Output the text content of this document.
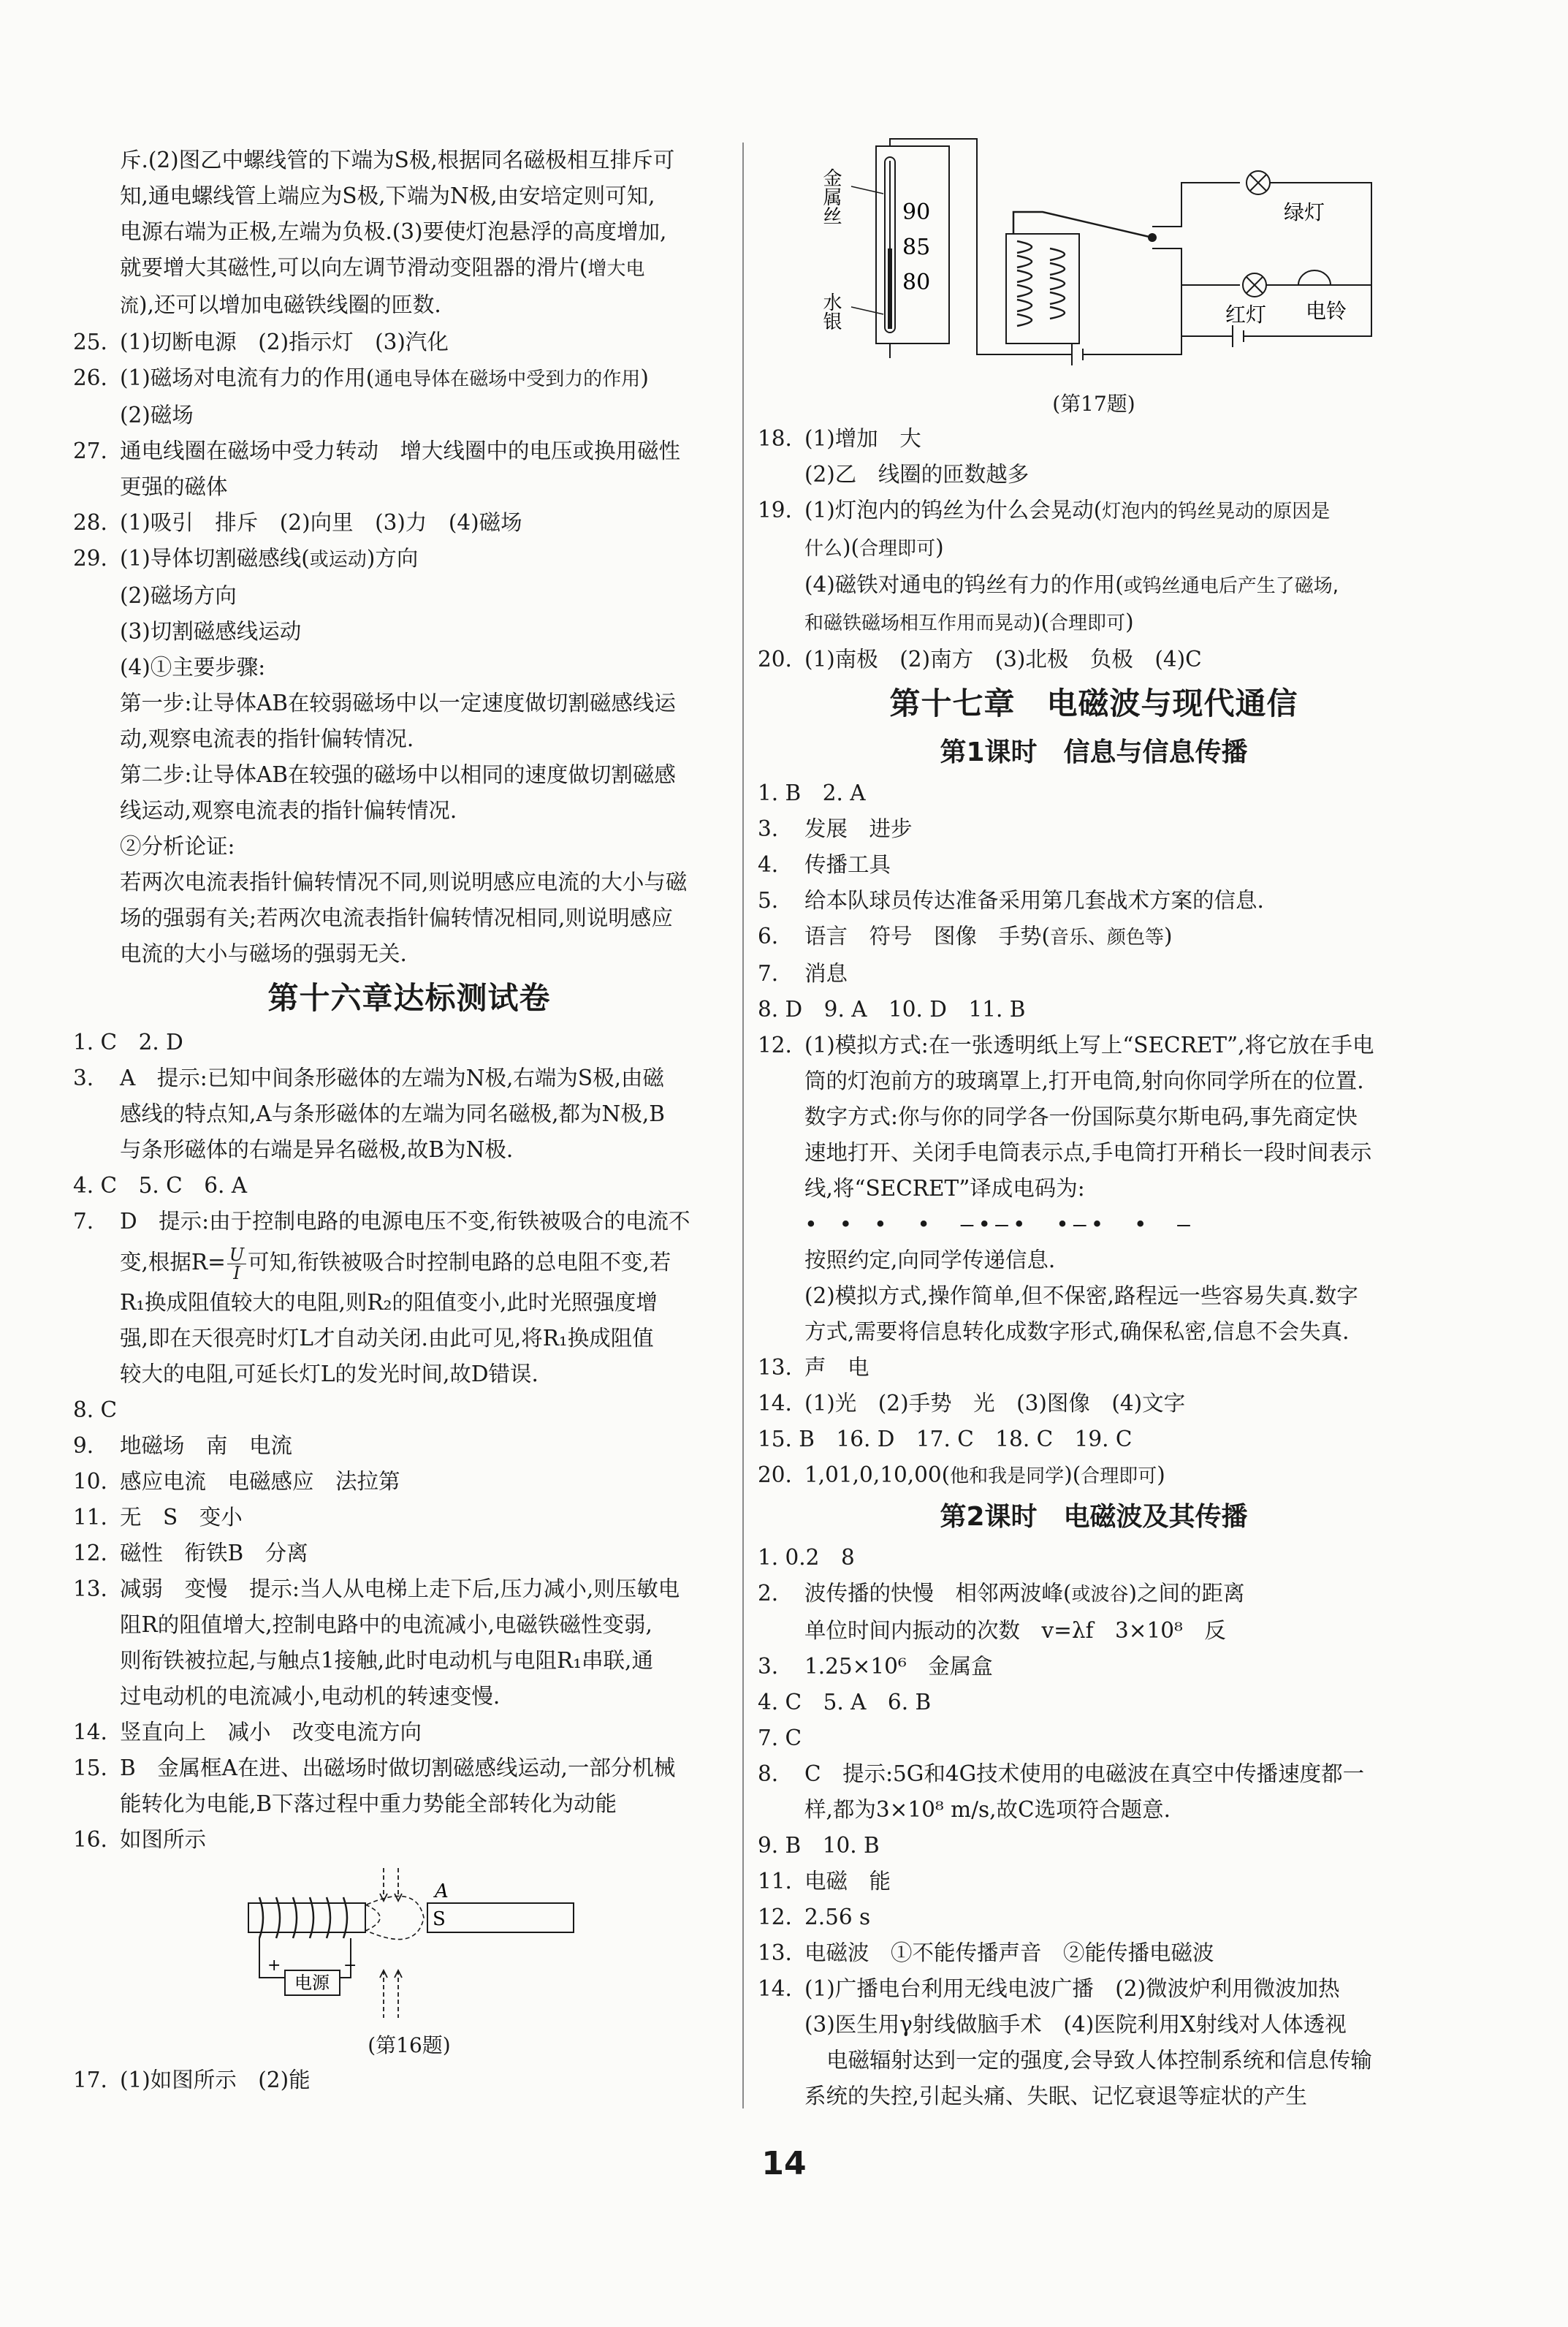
斥.(2)图乙中螺线管的下端为S极,根据同名磁极相互排斥可
知,通电螺线管上端应为S极,下端为N极,由安培定则可知,
电源右端为正极,左端为负极.(3)要使灯泡悬浮的高度增加,
就要增大其磁性,可以向左调节滑动变阻器的滑片(增大电
流),还可以增加电磁铁线圈的匝数.
25. (1)切断电源　(2)指示灯　(3)汽化
26. (1)磁场对电流有力的作用(通电导体在磁场中受到力的作用)
(2)磁场
27. 通电线圈在磁场中受力转动　增大线圈中的电压或换用磁性
更强的磁体
28. (1)吸引　排斥　(2)向里　(3)力　(4)磁场
29. (1)导体切割磁感线(或运动)方向
(2)磁场方向
(3)切割磁感线运动
(4)①主要步骤:
第一步:让导体AB在较弱磁场中以一定速度做切割磁感线运
动,观察电流表的指针偏转情况.
第二步:让导体AB在较强的磁场中以相同的速度做切割磁感
线运动,观察电流表的指针偏转情况.
②分析论证:
若两次电流表指针偏转情况不同,则说明感应电流的大小与磁
场的强弱有关;若两次电流表指针偏转情况相同,则说明感应
电流的大小与磁场的强弱无关.
第十六章达标测试卷
1. C　2. D
3. A　提示:已知中间条形磁体的左端为N极,右端为S极,由磁
感线的特点知,A与条形磁体的左端为同名磁极,都为N极,B
与条形磁体的右端是异名磁极,故B为N极.
4. C　5. C　6. A
7. D　提示:由于控制电路的电源电压不变,衔铁被吸合的电流不
变,根据$R= \frac{U}{I}$ 可知,衔铁被吸合时控制电路的总电阻不变,若
R₁换成阻值较大的电阻,则R₂的阻值变小,此时光照强度增
强,即在天很亮时灯L才自动关闭.由此可见,将R₁换成阻值
较大的电阻,可延长灯L的发光时间,故D错误.
8. C
9. 地磁场　南　电流
10. 感应电流　电磁感应　法拉第
11. 无　S　变小
12. 磁性　衔铁B　分离
13. 减弱　变慢　提示:当人从电梯上走下后,压力减小,则压敏电
阻R的阻值增大,控制电路中的电流减小,电磁铁磁性变弱,
则衔铁被拉起,与触点1接触,此时电动机与电阻R₁串联,通
过电动机的电流减小,电动机的转速变慢.
14. 竖直向上　减小　改变电流方向
15. B　金属框A在进、出磁场时做切割磁感线运动,一部分机械
能转化为电能,B下落过程中重力势能全部转化为动能
16. 如图所示
电源
+	−
S
A
(第16题)
17. (1)如图所示　(2)能
金属丝
水银
90
85
80
绿灯
红灯 电铃
(第17题)
18. (1)增加　大
(2)乙　线圈的匝数越多
19. (1)灯泡内的钨丝为什么会晃动(灯泡内的钨丝晃动的原因是
什么)(合理即可)
(4)磁铁对通电的钨丝有力的作用(或钨丝通电后产生了磁场,
和磁铁磁场相互作用而晃动)(合理即可)
20. (1)南极　(2)南方　(3)北极　负极　(4)C
第十七章　电磁波与现代通信
第1课时　信息与信息传播
1. B　2. A
3. 发展　进步
4. 传播工具
5. 给本队球员传达准备采用第几套战术方案的信息.
6. 语言　符号　图像　手势(音乐、颜色等)
7. 消息
8. D　9. A　10. D　11. B
12. (1)模拟方式:在一张透明纸上写上“SECRET”,将它放在手电
筒的灯泡前方的玻璃罩上,打开电筒,射向你同学所在的位置.
数字方式:你与你的同学各一份国际莫尔斯电码,事先商定快
速地打开、关闭手电筒表示点,手电筒打开稍长一段时间表示
线,将“SECRET”译成电码为:
• • •　•　—•—•　•—•　•　—
按照约定,向同学传递信息.
(2)模拟方式,操作简单,但不保密,路程远一些容易失真.数字
方式,需要将信息转化成数字形式,确保私密,信息不会失真.
13. 声　电
14. (1)光　(2)手势　光　(3)图像　(4)文字
15. B　16. D　17. C　18. C　19. C
20. 1,01,0,10,00(他和我是同学)(合理即可)
第2课时　电磁波及其传播
1. 0.2　8
2. 波传播的快慢　相邻两波峰(或波谷)之间的距离
单位时间内振动的次数　v=λf　3×10⁸　反
3. 1.25×10⁶　金属盒
4. C　5. A　6. B
7. C
8. C　提示:5G和4G技术使用的电磁波在真空中传播速度都一
样,都为3×10⁸ m/s,故C选项符合题意.
9. B　10. B
11. 电磁　能
12. 2.56 s
13. 电磁波　①不能传播声音　②能传播电磁波
14. (1)广播电台利用无线电波广播　(2)微波炉利用微波加热
(3)医生用γ射线做脑手术　(4)医院利用X射线对人体透视
电磁辐射达到一定的强度,会导致人体控制系统和信息传输
系统的失控,引起头痛、失眠、记忆衰退等症状的产生
14
